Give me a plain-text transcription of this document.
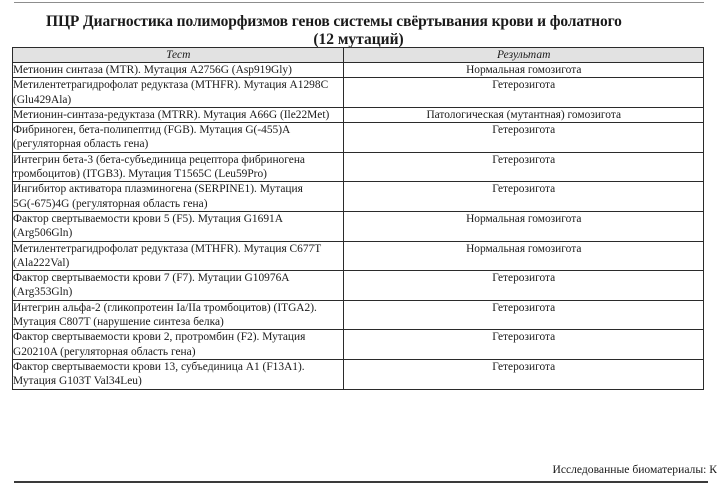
ПЦР Диагностика полиморфизмов генов системы свёртывания крови и фолатного
(12 мутаций)
Тест	Результат
Метионин синтаза (MTR). Мутация A2756G (Asp919Gly)	Нормальная гомозигота
Метилентетрагидрофолат редуктаза (MTHFR). Мутация A1298C (Glu429Ala)	Гетерозигота
Метионин-синтаза-редуктаза (MTRR). Мутация A66G (Ile22Met)	Патологическая (мутантная) гомозигота
Фибриноген, бета-полипептид (FGB). Мутация G(-455)A (регуляторная область гена)	Гетерозигота
Интегрин бета-3 (бета-субъединица рецептора фибриногена тромбоцитов) (ITGB3). Мутация T1565C (Leu59Pro)	Гетерозигота
Ингибитор активатора плазминогена (SERPINE1). Мутация 5G(-675)4G (регуляторная область гена)	Гетерозигота
Фактор свертываемости крови 5 (F5). Мутация G1691A (Arg506Gln)	Нормальная гомозигота
Метилентетрагидрофолат редуктаза (MTHFR). Мутация C677T (Ala222Val)	Нормальная гомозигота
Фактор свертываемости крови 7 (F7). Мутации G10976A (Arg353Gln)	Гетерозигота
Интегрин альфа-2 (гликопротеин Ia/IIa тромбоцитов) (ITGA2). Мутация C807T (нарушение синтеза белка)	Гетерозигота
Фактор свертываемости крови 2, протромбин (F2). Мутация G20210A (регуляторная область гена)	Гетерозигота
Фактор свертываемости крови 13, субъединица A1 (F13A1). Мутация G103T Val34Leu)	Гетерозигота
Исследованные биоматериалы: К
